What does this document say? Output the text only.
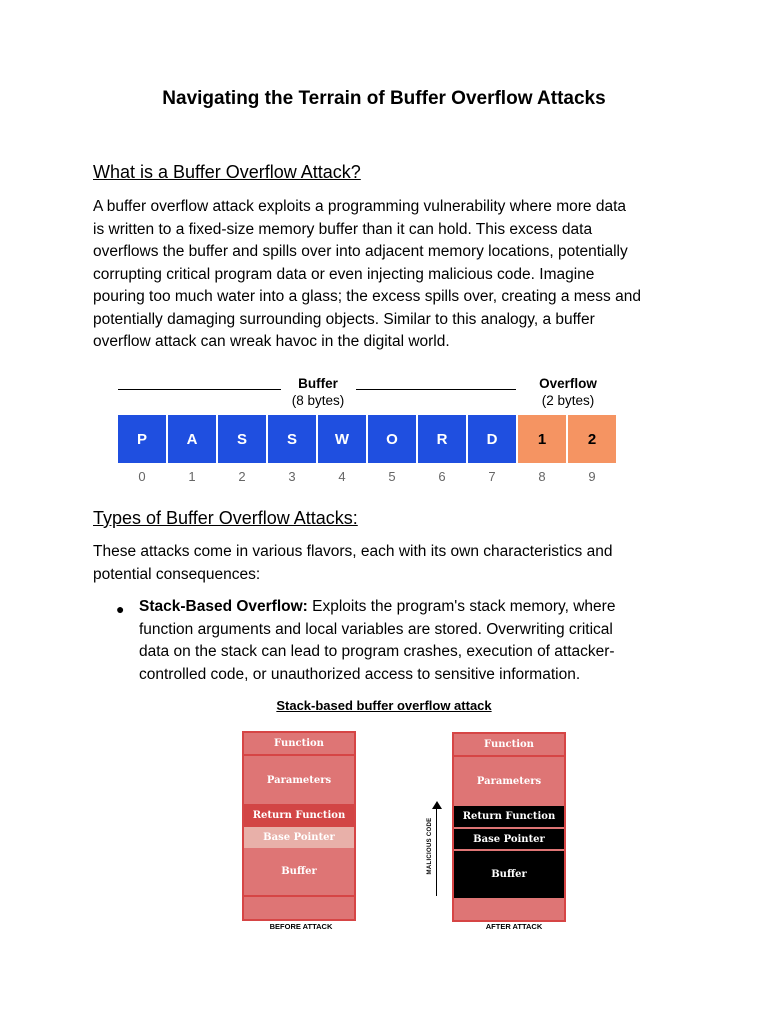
Navigating the Terrain of Buffer Overflow Attacks
What is a Buffer Overflow Attack?

A buffer overflow attack exploits a programming vulnerability where more data
is written to a fixed-size memory buffer than it can hold. This excess data
overflows the buffer and spills over into adjacent memory locations, potentially
corrupting critical program data or even injecting malicious code. Imagine
pouring too much water into a glass; the excess spills over, creating a mess and
potentially damaging surrounding objects. Similar to this analogy, a buffer
overflow attack can wreak havoc in the digital world.

Buffer
(8 bytes)
Overflow
(2 bytes)
P	A	S	S	W	O	R	D	1	2
0	1	2	3	4	5	6	7	8	9
Types of Buffer Overflow Attacks:

These attacks come in various flavors, each with its own characteristics and
potential consequences:

● Stack-Based Overflow: Exploits the program's stack memory, where
function arguments and local variables are stored. Overwriting critical
data on the stack can lead to program crashes, execution of attacker-
controlled code, or unauthorized access to sensitive information.

Stack-based buffer overflow attack
Function
Parameters
Return Function
Base Pointer
Buffer
BEFORE ATTACK
MALICIOUS CODE
Function
Parameters
Return Function
Base Pointer
Buffer
AFTER ATTACK
